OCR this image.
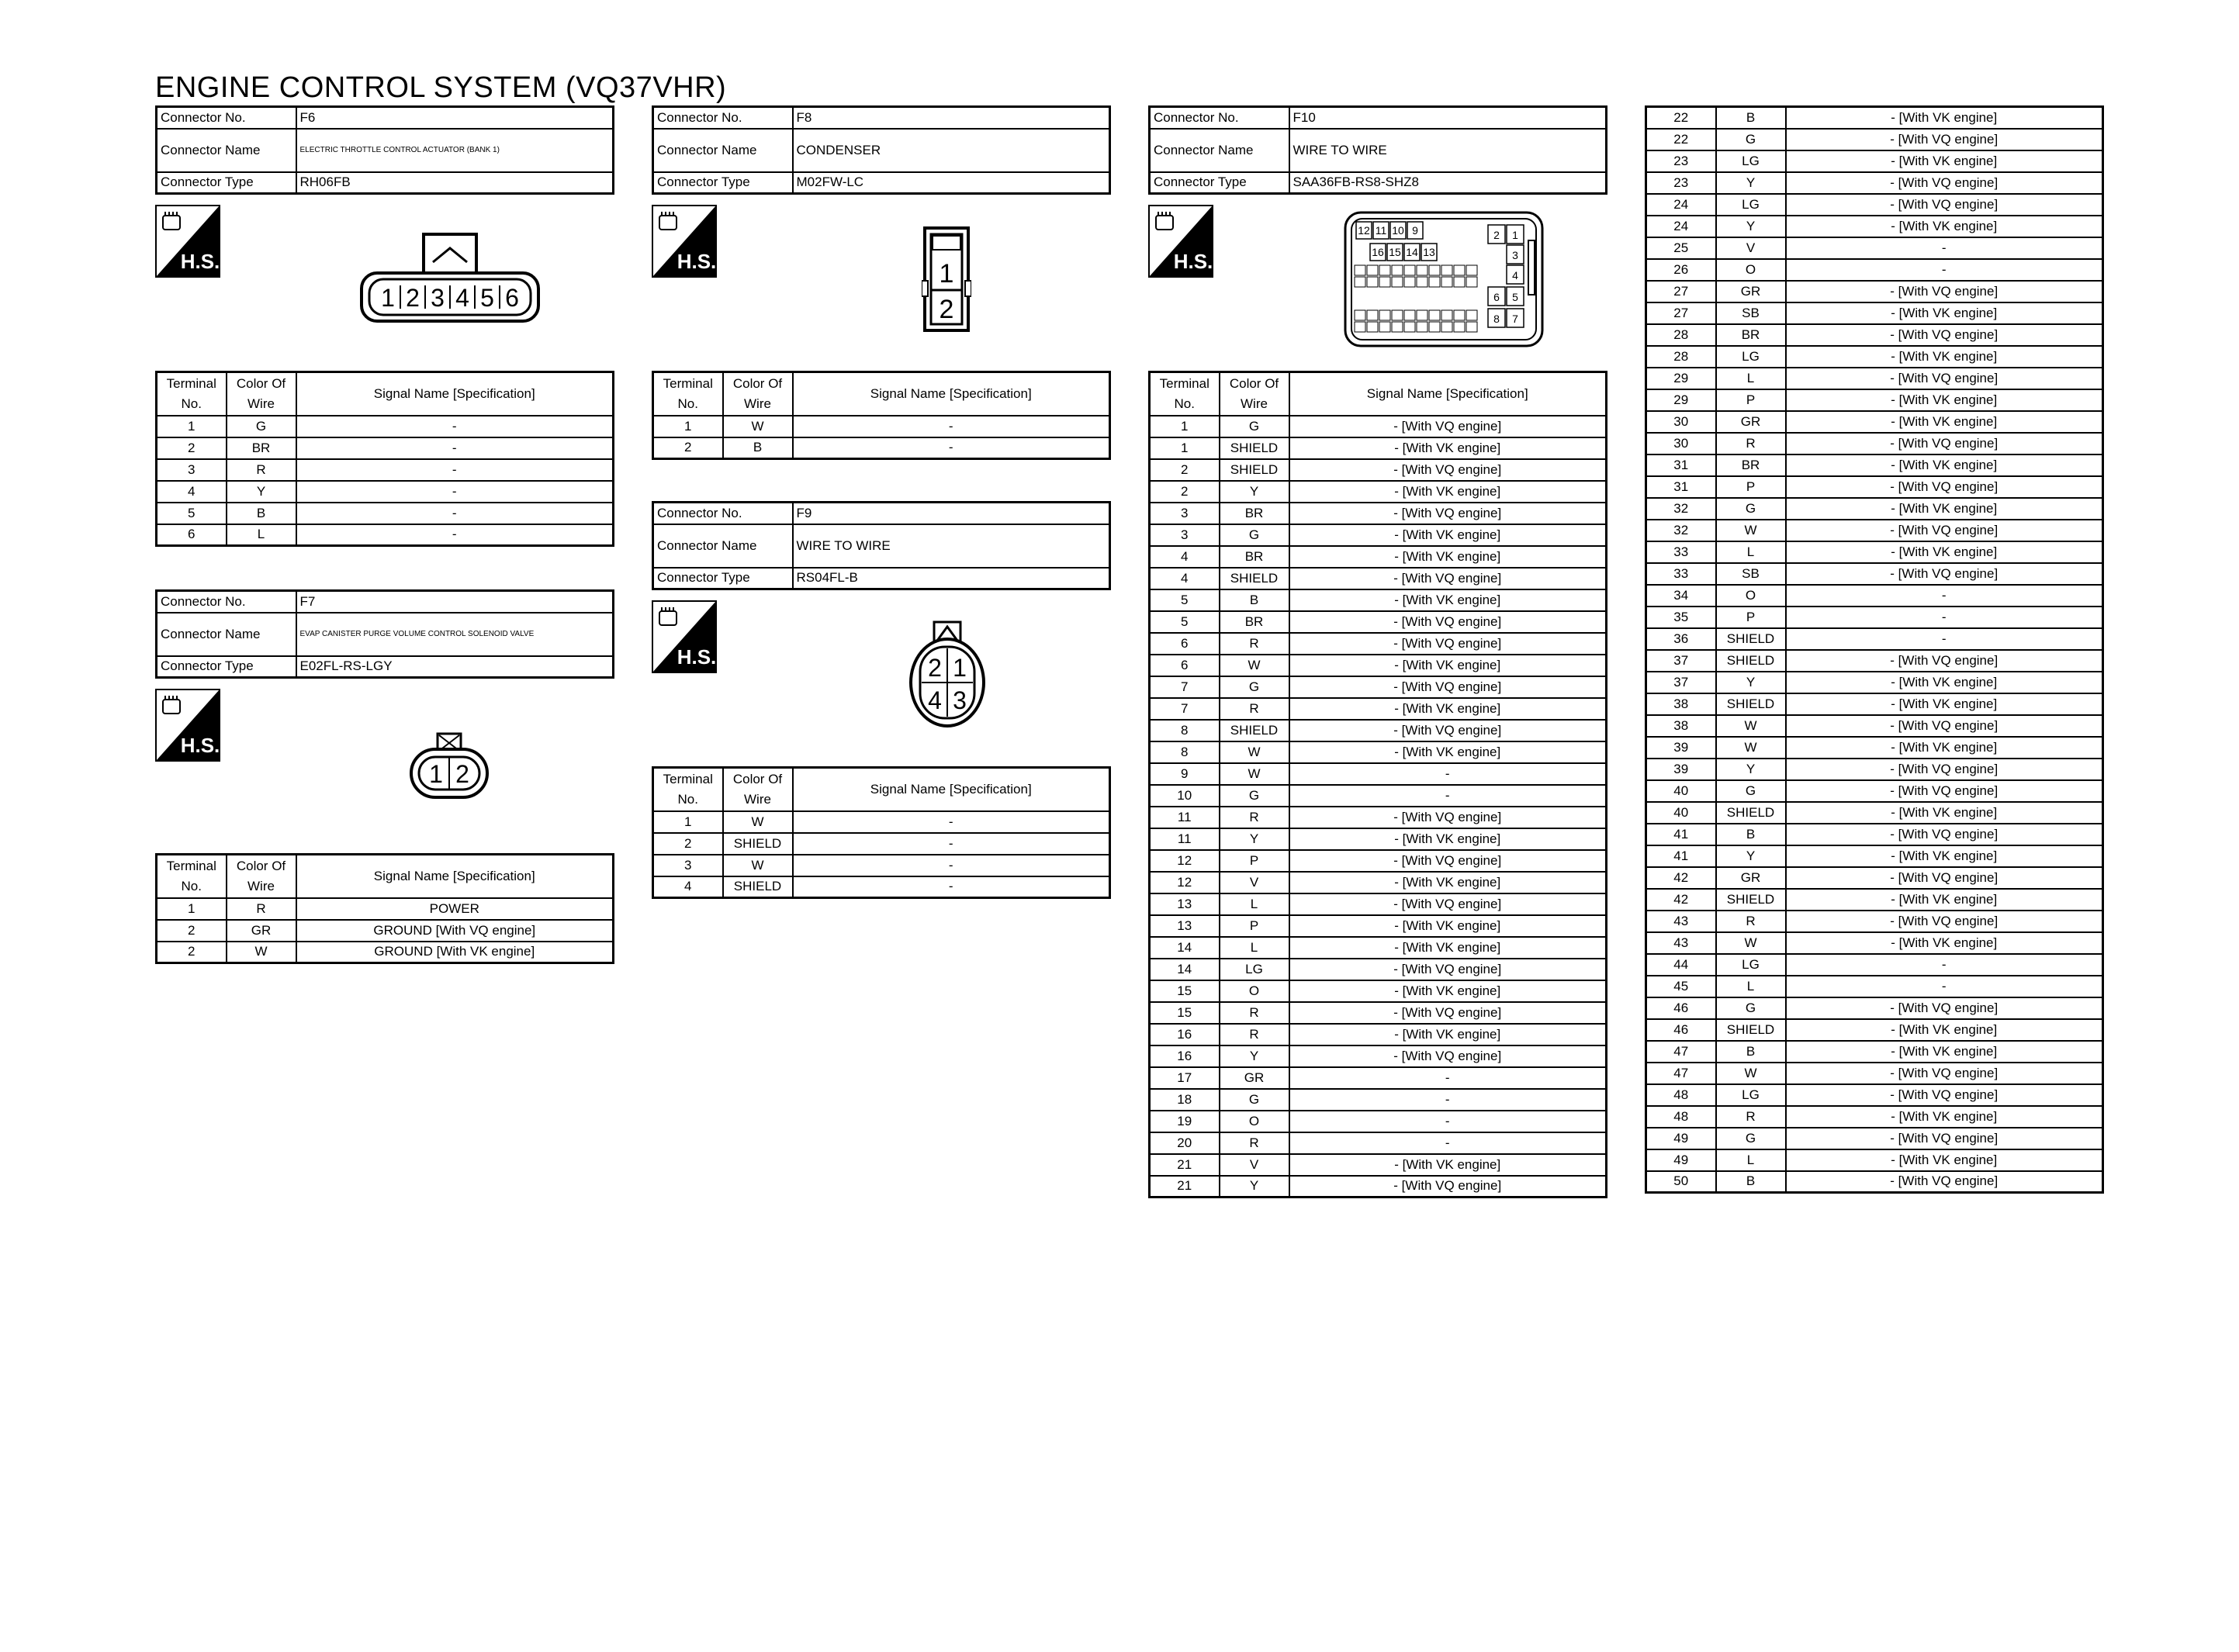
ENGINE CONTROL SYSTEM (VQ37VHR)
Connector No.	F6
Connector Name	ELECTRIC THROTTLE CONTROL ACTUATOR (BANK 1)
Connector Type	RH06FB
H.S.
1 2 3 4 5 6
Terminal No.	Color Of Wire	Signal Name [Specification]
1	G	-
2	BR	-
3	R	-
4	Y	-
5	B	-
6	L	-
Connector No.	F7
Connector Name	EVAP CANISTER PURGE VOLUME CONTROL SOLENOID VALVE
Connector Type	E02FL-RS-LGY
H.S.
1 2
Terminal No.	Color Of Wire	Signal Name [Specification]
1	R	POWER
2	GR	GROUND [With VQ engine]
2	W	GROUND [With VK engine]
Connector No.	F8
Connector Name	CONDENSER
Connector Type	M02FW-LC
H.S.	1
2
Terminal No.	Color Of Wire	Signal Name [Specification]
1	W	-
2	B	-
Connector No.	F9
Connector Name	WIRE TO WIRE
Connector Type	RS04FL-B
H.S.	2 1
4 3
Terminal No.	Color Of Wire	Signal Name [Specification]
1	W	-
2	SHIELD	-
3	W	-
4	SHIELD	-
Connector No.	F10
Connector Name	WIRE TO WIRE
Connector Type	SAA36FB-RS8-SHZ8
H.S.
12 11 10 9
16 15 14 13
2 1
3
4
6 5
8 7
Terminal No.	Color Of Wire	Signal Name [Specification]
1	G	- [With VQ engine]
1	SHIELD	- [With VK engine]
2	SHIELD	- [With VQ engine]
2	Y	- [With VK engine]
3	BR	- [With VQ engine]
3	G	- [With VK engine]
4	BR	- [With VK engine]
4	SHIELD	- [With VQ engine]
5	B	- [With VK engine]
5	BR	- [With VQ engine]
6	R	- [With VQ engine]
6	W	- [With VK engine]
7	G	- [With VQ engine]
7	R	- [With VK engine]
8	SHIELD	- [With VQ engine]
8	W	- [With VK engine]
9	W	-
10	G	-
11	R	- [With VQ engine]
11	Y	- [With VK engine]
12	P	- [With VQ engine]
12	V	- [With VK engine]
13	L	- [With VQ engine]
13	P	- [With VK engine]
14	L	- [With VK engine]
14	LG	- [With VQ engine]
15	O	- [With VK engine]
15	R	- [With VQ engine]
16	R	- [With VK engine]
16	Y	- [With VQ engine]
17	GR	-
18	G	-
19	O	-
20	R	-
21	V	- [With VK engine]
21	Y	- [With VQ engine]
22	B	- [With VK engine]
22	G	- [With VQ engine]
23	LG	- [With VK engine]
23	Y	- [With VQ engine]
24	LG	- [With VQ engine]
24	Y	- [With VK engine]
25	V	-
26	O	-
27	GR	- [With VQ engine]
27	SB	- [With VK engine]
28	BR	- [With VQ engine]
28	LG	- [With VK engine]
29	L	- [With VQ engine]
29	P	- [With VK engine]
30	GR	- [With VK engine]
30	R	- [With VQ engine]
31	BR	- [With VK engine]
31	P	- [With VQ engine]
32	G	- [With VK engine]
32	W	- [With VQ engine]
33	L	- [With VK engine]
33	SB	- [With VQ engine]
34	O	-
35	P	-
36	SHIELD	-
37	SHIELD	- [With VQ engine]
37	Y	- [With VK engine]
38	SHIELD	- [With VK engine]
38	W	- [With VQ engine]
39	W	- [With VK engine]
39	Y	- [With VQ engine]
40	G	- [With VQ engine]
40	SHIELD	- [With VK engine]
41	B	- [With VQ engine]
41	Y	- [With VK engine]
42	GR	- [With VQ engine]
42	SHIELD	- [With VK engine]
43	R	- [With VQ engine]
43	W	- [With VK engine]
44	LG	-
45	L	-
46	G	- [With VQ engine]
46	SHIELD	- [With VK engine]
47	B	- [With VK engine]
47	W	- [With VQ engine]
48	LG	- [With VQ engine]
48	R	- [With VK engine]
49	G	- [With VQ engine]
49	L	- [With VK engine]
50	B	- [With VQ engine]
